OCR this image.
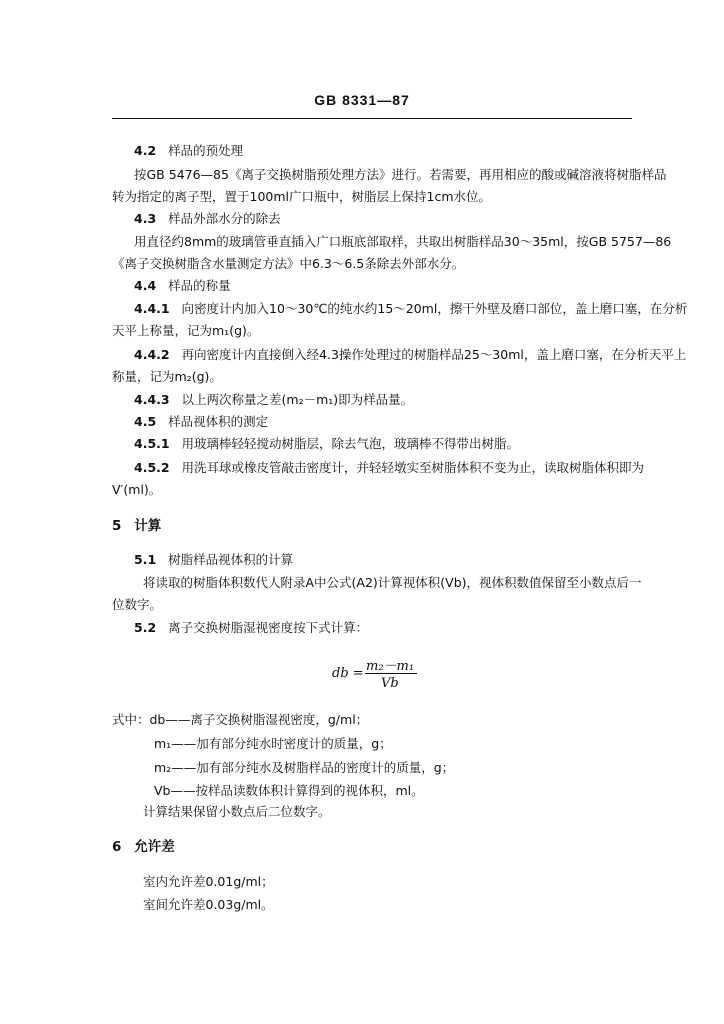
GB 8331—87
4.2 样品的预处理
按GB 5476—85《离子交换树脂预处理方法》进行。若需要，再用相应的酸或碱溶液将树脂样品
转为指定的离子型，置于100ml广口瓶中，树脂层上保持1cm水位。
4.3 样品外部水分的除去
用直径约8mm的玻璃管垂直插入广口瓶底部取样，共取出树脂样品30～35ml，按GB 5757—86
《离子交换树脂含水量测定方法》中6.3～6.5条除去外部水分。
4.4 样品的称量
4.4.1 向密度计内加入10～30℃的纯水约15～20ml，擦干外壁及磨口部位，盖上磨口塞，在分析
天平上称量，记为m₁(g)。
4.4.2 再向密度计内直接倒入经4.3操作处理过的树脂样品25～30ml，盖上磨口塞，在分析天平上
称量，记为m₂(g)。
4.4.3 以上两次称量之差(m₂－m₁)即为样品量。
4.5 样品视体积的测定
4.5.1 用玻璃棒轻轻搅动树脂层，除去气泡，玻璃棒不得带出树脂。
4.5.2 用洗耳球或橡皮管敲击密度计，并轻轻墩实至树脂体积不变为止，读取树脂体积即为
V′(ml)。
5 计算
5.1 树脂样品视体积的计算
将读取的树脂体积数代人附录A中公式(A2)计算视体积(Vb)，视体积数值保留至小数点后一
位数字。
5.2 离子交换树脂湿视密度按下式计算：
db = m₂－m₁
Vb
式中：db——离子交换树脂湿视密度，g/ml；
m₁——加有部分纯水时密度计的质量，g；
m₂——加有部分纯水及树脂样品的密度计的质量，g；
Vb——按样品读数体积计算得到的视体积，ml。
计算结果保留小数点后二位数字。
6 允许差
室内允许差0.01g/ml；
室间允许差0.03g/ml。
